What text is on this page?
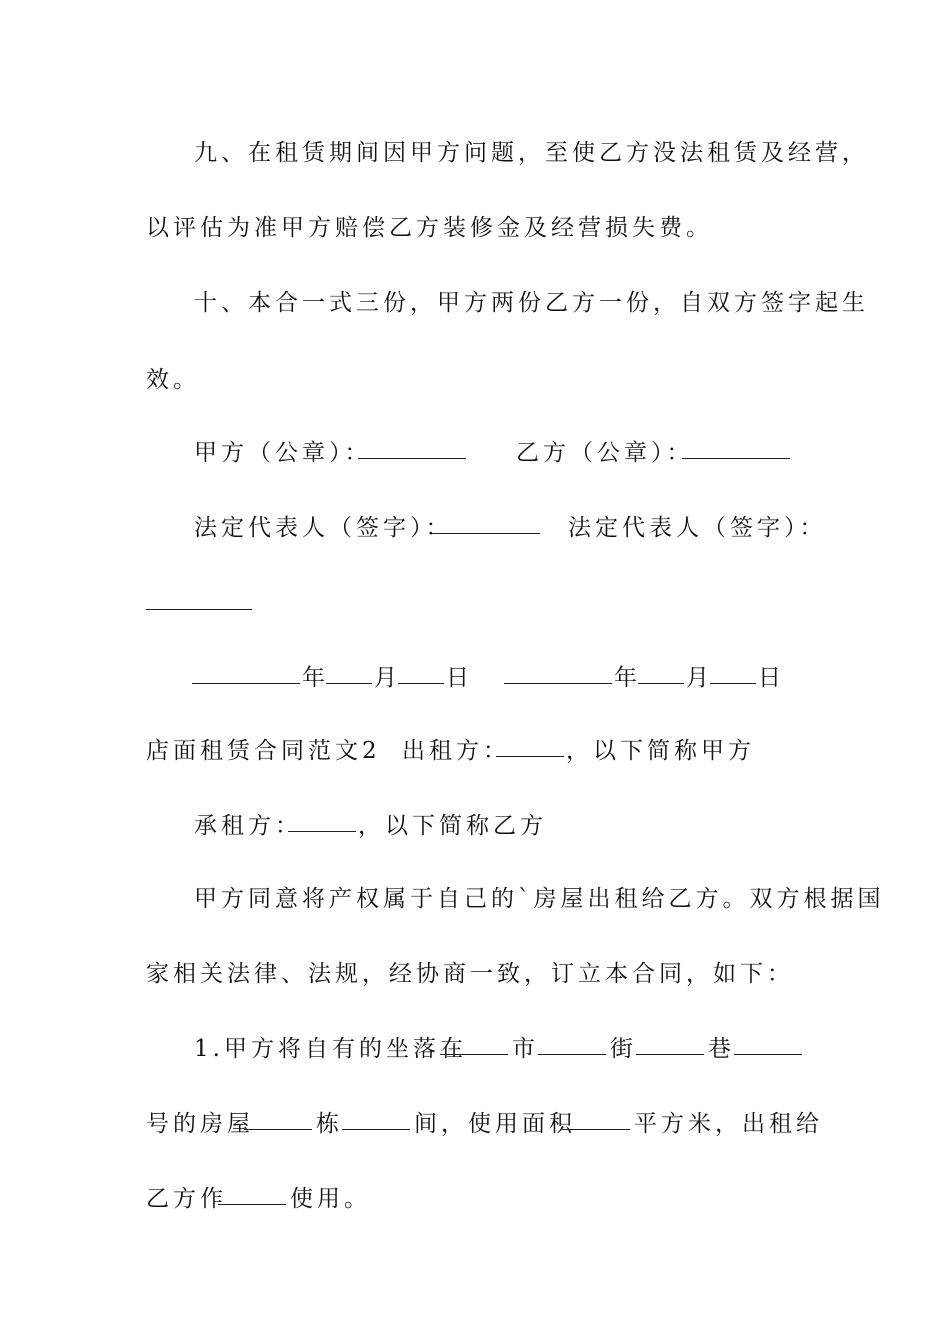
九、在租赁期间因甲方问题，至使乙方没法租赁及经营，
以评估为准甲方赔偿乙方装修金及经营损失费。
十、本合一式三份，甲方两份乙方一份，自双方签字起生
效。
甲方（公章）：	乙方（公章）：
法定代表人（签字）：	法定代表人（签字）：
年 月 日	年 月 日
店面租赁合同范文2 出租方： ，以下简称甲方
承租方： ，以下简称乙方
甲方同意将产权属于自己的`房屋出租给乙方。双方根据国
家相关法律、法规，经协商一致，订立本合同，如下：
1.甲方将自有的坐落在 市	街	巷
号的房屋	栋	间，使用面积	平方米，出租给
乙方作	使用。
